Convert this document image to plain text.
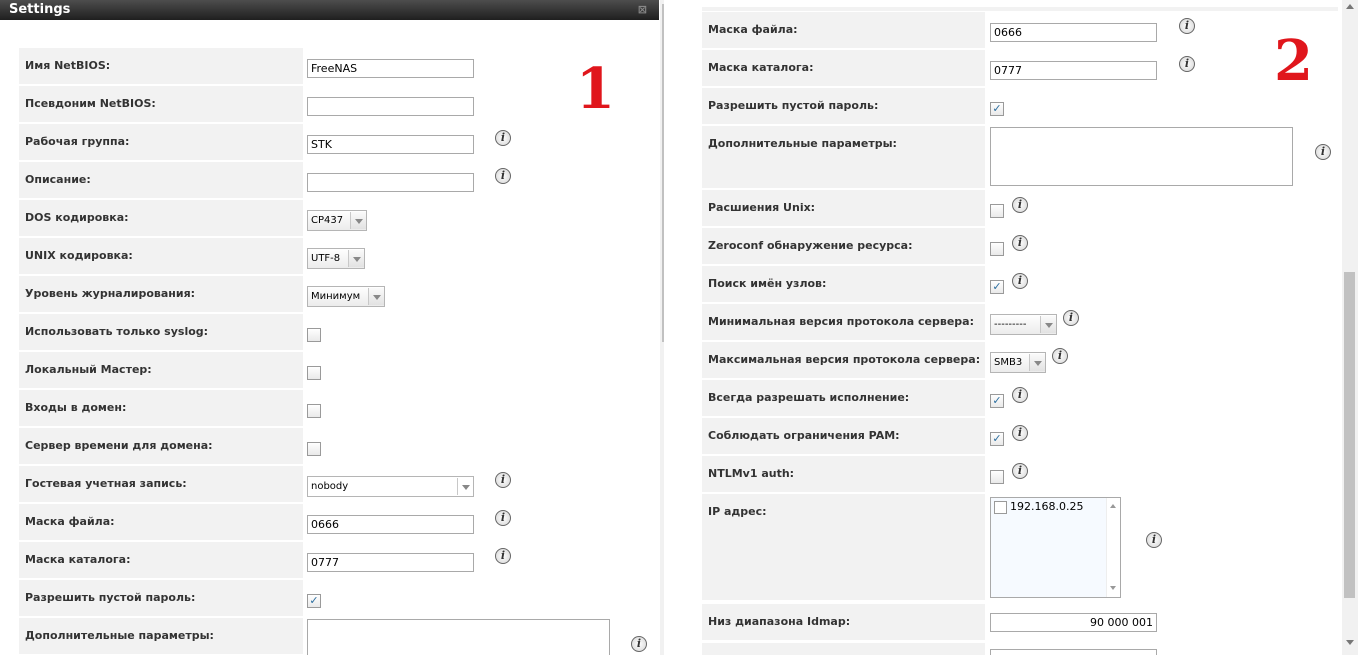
Settings	⊠
1
Имя NetBIOS:	FreeNAS
Псевдоним NetBIOS:
Рабочая группа:	STK
i
Описание:	i
DOS кодировка:	CP437
UNIX кодировка:	UTF-8
Уровень журналирования:	Минимум
Использовать только syslog:
Локальный Мастер:
Входы в домен:
Сервер времени для домена:
Гостевая учетная запись:	nobody
i
Маска файла:	0666
i
Маска каталога:	0777
i
Разрешить пустой пароль:	✓
Дополнительные параметры:
i
2
Маска файла:	0666
i
Маска каталога:	0777
i
Разрешить пустой пароль:	✓
Дополнительные параметры:
i
Расшиения Unix:	i
Zeroconf обнаружение ресурса:	i
Поиск имён узлов:	✓	i
Минимальная версия протокола сервера:	---------
i
Максимальная версия протокола сервера:	SMB3
i
Всегда разрешать исполнение:	✓	i
Соблюдать ограничения PAM:	✓	i
NTLMv1 auth:	i
IP адрес:	192.168.0.25
i
Низ диапазона Idmap:	90 000 001
